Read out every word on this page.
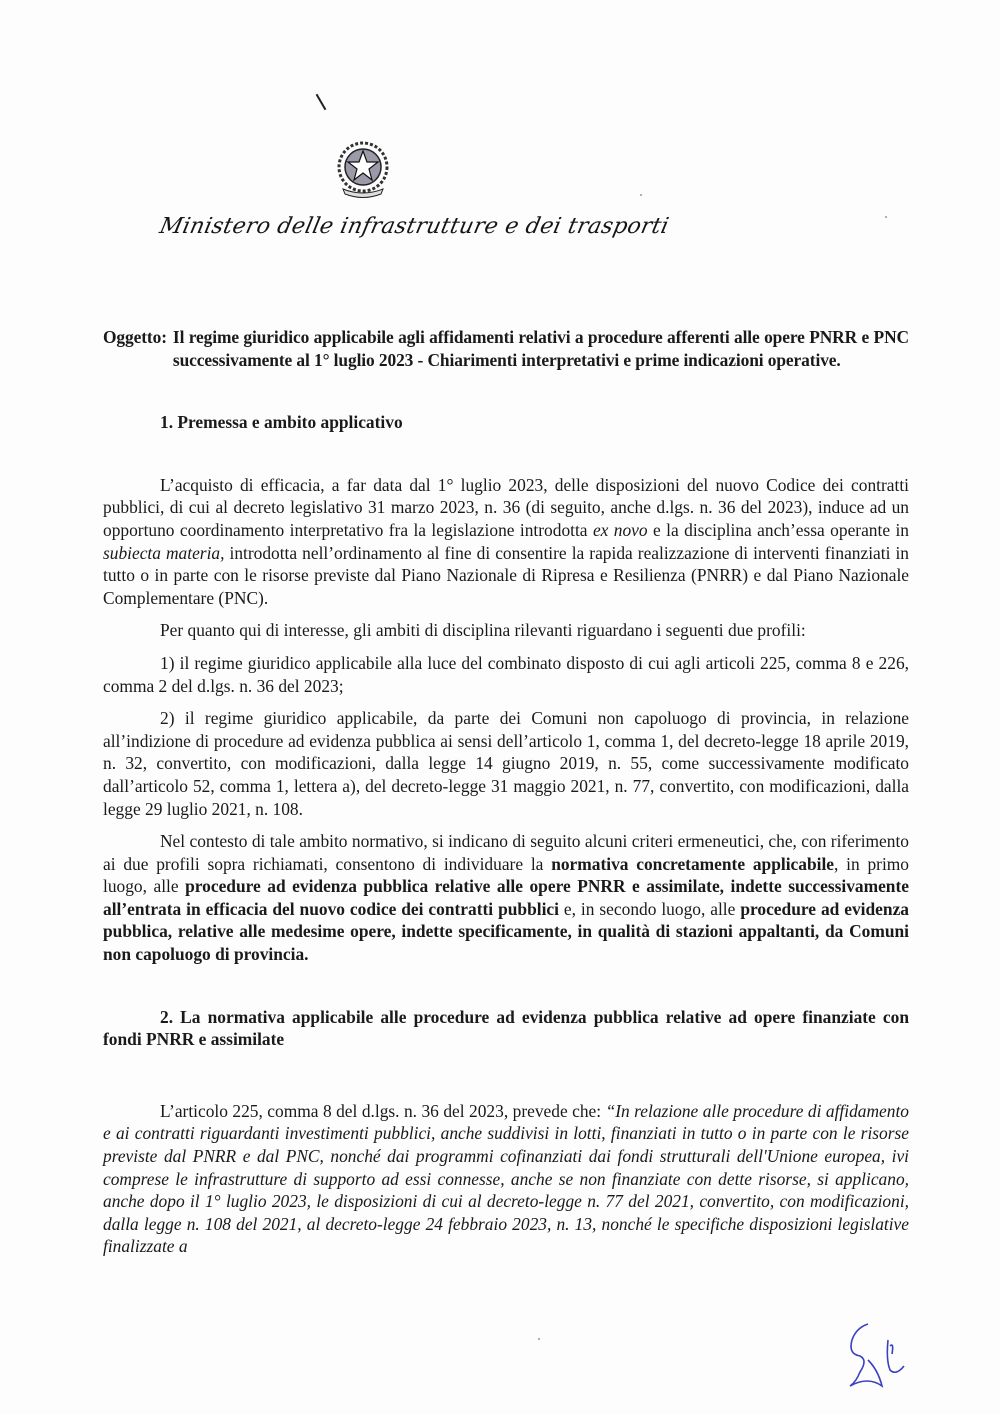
Ministero delle infrastrutture e dei trasporti
Oggetto: Il regime giuridico applicabile agli affidamenti relativi a procedure afferenti alle opere PNRR e PNC successivamente al 1° luglio 2023 - Chiarimenti interpretativi e prime indicazioni operative.
1. Premessa e ambito applicativo

L’acquisto di efficacia, a far data dal 1° luglio 2023, delle disposizioni del nuovo Codice dei contratti pubblici, di cui al decreto legislativo 31 marzo 2023, n. 36 (di seguito, anche d.lgs. n. 36 del 2023), induce ad un opportuno coordinamento interpretativo fra la legislazione introdotta ex novo e la disciplina anch’essa operante in subiecta materia, introdotta nell’ordinamento al fine di consentire la rapida realizzazione di interventi finanziati in tutto o in parte con le risorse previste dal Piano Nazionale di Ripresa e Resilienza (PNRR) e dal Piano Nazionale Complementare (PNC).

Per quanto qui di interesse, gli ambiti di disciplina rilevanti riguardano i seguenti due profili:

1) il regime giuridico applicabile alla luce del combinato disposto di cui agli articoli 225, comma 8 e 226, comma 2 del d.lgs. n. 36 del 2023;

2) il regime giuridico applicabile, da parte dei Comuni non capoluogo di provincia, in relazione all’indizione di procedure ad evidenza pubblica ai sensi dell’articolo 1, comma 1, del decreto-legge 18 aprile 2019, n. 32, convertito, con modificazioni, dalla legge 14 giugno 2019, n. 55, come successivamente modificato dall’articolo 52, comma 1, lettera a), del decreto-legge 31 maggio 2021, n. 77, convertito, con modificazioni, dalla legge 29 luglio 2021, n. 108.

Nel contesto di tale ambito normativo, si indicano di seguito alcuni criteri ermeneutici, che, con riferimento ai due profili sopra richiamati, consentono di individuare la normativa concretamente applicabile, in primo luogo, alle procedure ad evidenza pubblica relative alle opere PNRR e assimilate, indette successivamente all’entrata in efficacia del nuovo codice dei contratti pubblici e, in secondo luogo, alle procedure ad evidenza pubblica, relative alle medesime opere, indette specificamente, in qualità di stazioni appaltanti, da Comuni non capoluogo di provincia.

2. La normativa applicabile alle procedure ad evidenza pubblica relative ad opere finanziate con fondi PNRR e assimilate

L’articolo 225, comma 8 del d.lgs. n. 36 del 2023, prevede che: “In relazione alle procedure di affidamento e ai contratti riguardanti investimenti pubblici, anche suddivisi in lotti, finanziati in tutto o in parte con le risorse previste dal PNRR e dal PNC, nonché dai programmi cofinanziati dai fondi strutturali dell'Unione europea, ivi comprese le infrastrutture di supporto ad essi connesse, anche se non finanziate con dette risorse, si applicano, anche dopo il 1° luglio 2023, le disposizioni di cui al decreto-legge n. 77 del 2021, convertito, con modificazioni, dalla legge n. 108 del 2021, al decreto-legge 24 febbraio 2023, n. 13, nonché le specifiche disposizioni legislative finalizzate a
